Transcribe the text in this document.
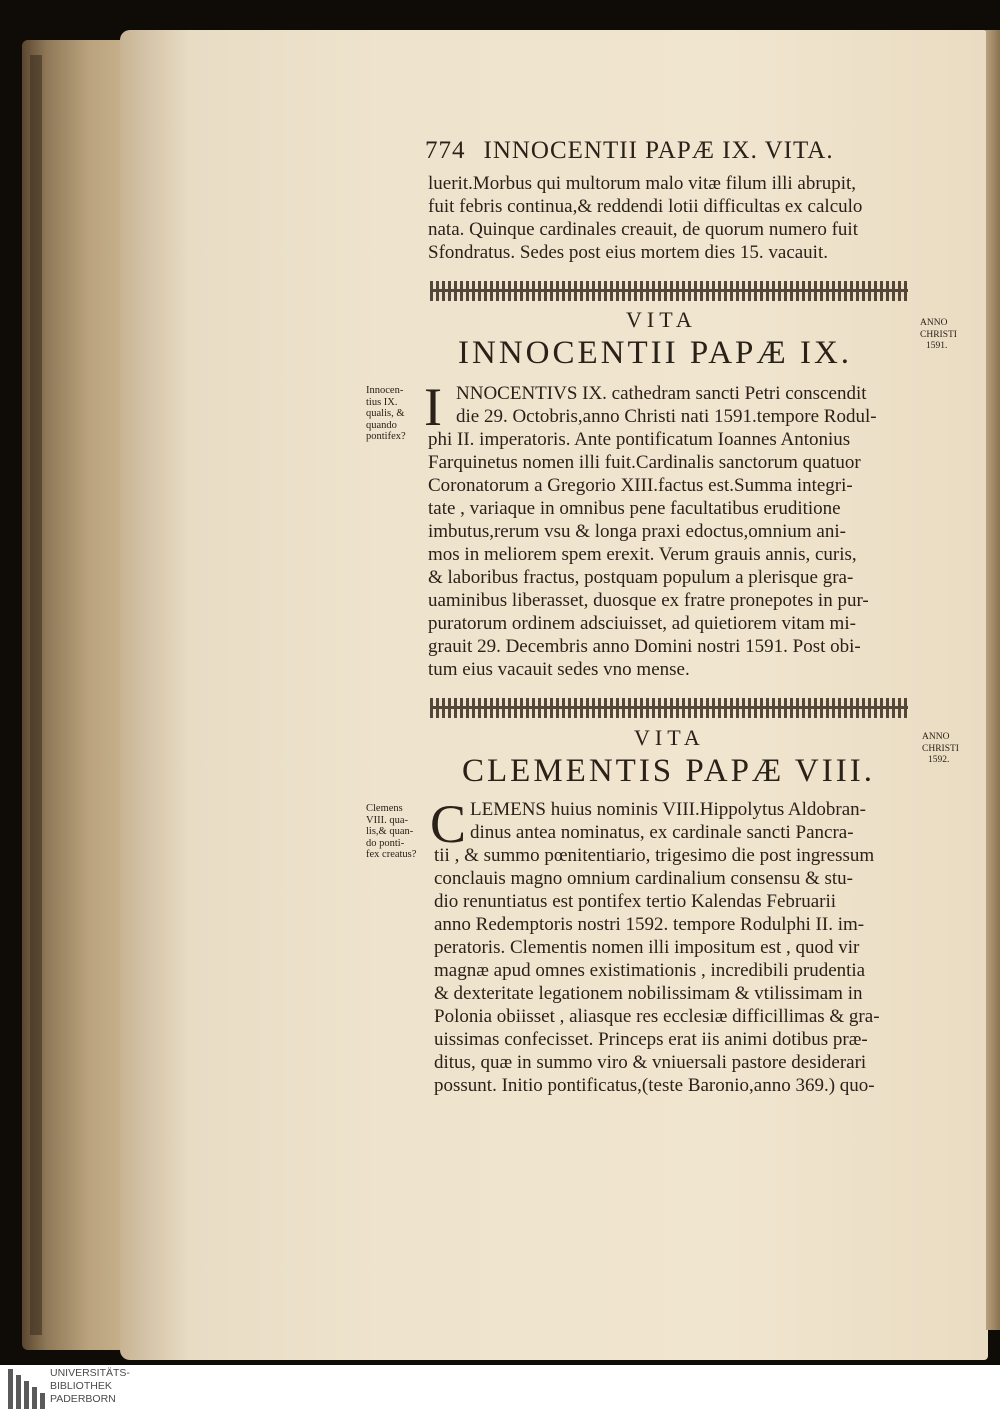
774 INNOCENTII PAPÆ IX. VITA.
luerit.Morbus qui multorum malo vitæ filum illi abrupit,
fuit febris continua,& reddendi lotii difficultas ex calculo
nata. Quinque cardinales creauit, de quorum numero fuit
Sfondratus. Sedes post eius mortem dies 15. vacauit.
VITA
INNOCENTII PAPÆ IX.
ANNO
CHRISTI
1591.
Innocen-
tius IX.
qualis, &
quando
pontifex? I NNOCENTIVS IX. cathedram sancti Petri conscendit
die 29. Octobris,anno Christi nati 1591.tempore Rodul-
phi II. imperatoris. Ante pontificatum Ioannes Antonius
Farquinetus nomen illi fuit.Cardinalis sanctorum quatuor
Coronatorum a Gregorio XIII.factus est.Summa integri-
tate , variaque in omnibus pene facultatibus eruditione
imbutus,rerum vsu & longa praxi edoctus,omnium ani-
mos in meliorem spem erexit. Verum grauis annis, curis,
& laboribus fractus, postquam populum a plerisque gra-
uaminibus liberasset, duosque ex fratre pronepotes in pur-
puratorum ordinem adsciuisset, ad quietiorem vitam mi-
grauit 29. Decembris anno Domini nostri 1591. Post obi-
tum eius vacauit sedes vno mense.
VITA
CLEMENTIS PAPÆ VIII.
ANNO
CHRISTI
1592.
Clemens
VIII. qua-
lis,& quan-
do ponti-
fex creatus?
C LEMENS huius nominis VIII.Hippolytus Aldobran-
dinus antea nominatus, ex cardinale sancti Pancra-
tii , & summo pœnitentiario, trigesimo die post ingressum
conclauis magno omnium cardinalium consensu & stu-
dio renuntiatus est pontifex tertio Kalendas Februarii
anno Redemptoris nostri 1592. tempore Rodulphi II. im-
peratoris. Clementis nomen illi impositum est , quod vir
magnæ apud omnes existimationis , incredibili prudentia
& dexteritate legationem nobilissimam & vtilissimam in
Polonia obiisset , aliasque res ecclesiæ difficillimas & gra-
uissimas confecisset. Princeps erat iis animi dotibus præ-
ditus, quæ in summo viro & vniuersali pastore desiderari
possunt. Initio pontificatus,(teste Baronio,anno 369.) quo-
UNIVERSITÄTS-
BIBLIOTHEK
PADERBORN
